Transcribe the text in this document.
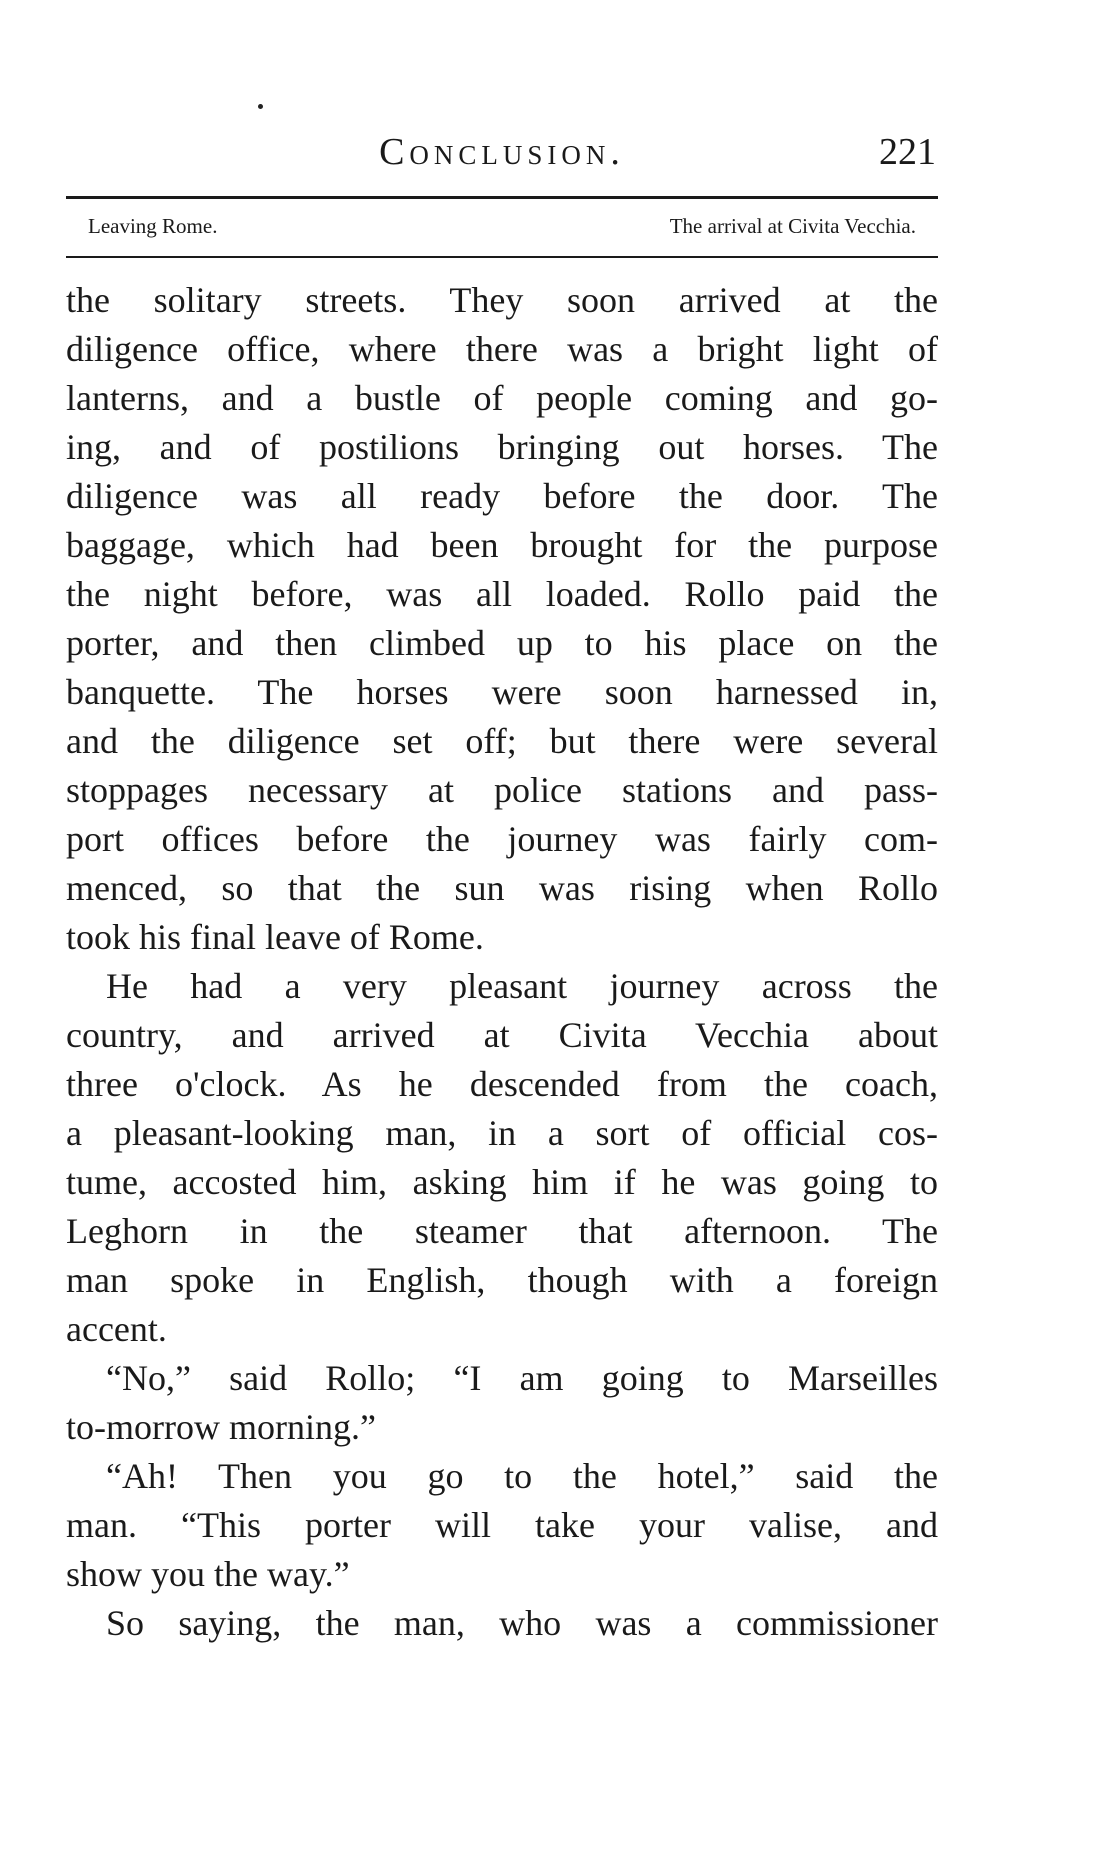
Conclusion.	221
Leaving Rome.	The arrival at Civita Vecchia.
the solitary streets. They soon arrived at the
diligence office, where there was a bright light of
lanterns, and a bustle of people coming and go-
ing, and of postilions bringing out horses. The
diligence was all ready before the door. The
baggage, which had been brought for the purpose
the night before, was all loaded. Rollo paid the
porter, and then climbed up to his place on the
banquette. The horses were soon harnessed in,
and the diligence set off; but there were several
stoppages necessary at police stations and pass-
port offices before the journey was fairly com-
menced, so that the sun was rising when Rollo
took his final leave of Rome.
He had a very pleasant journey across the
country, and arrived at Civita Vecchia about
three o'clock. As he descended from the coach,
a pleasant-looking man, in a sort of official cos-
tume, accosted him, asking him if he was going to
Leghorn in the steamer that afternoon. The
man spoke in English, though with a foreign
accent.
“No,” said Rollo; “I am going to Marseilles
to-morrow morning.”
“Ah! Then you go to the hotel,” said the
man. “This porter will take your valise, and
show you the way.”
So saying, the man, who was a commissioner
